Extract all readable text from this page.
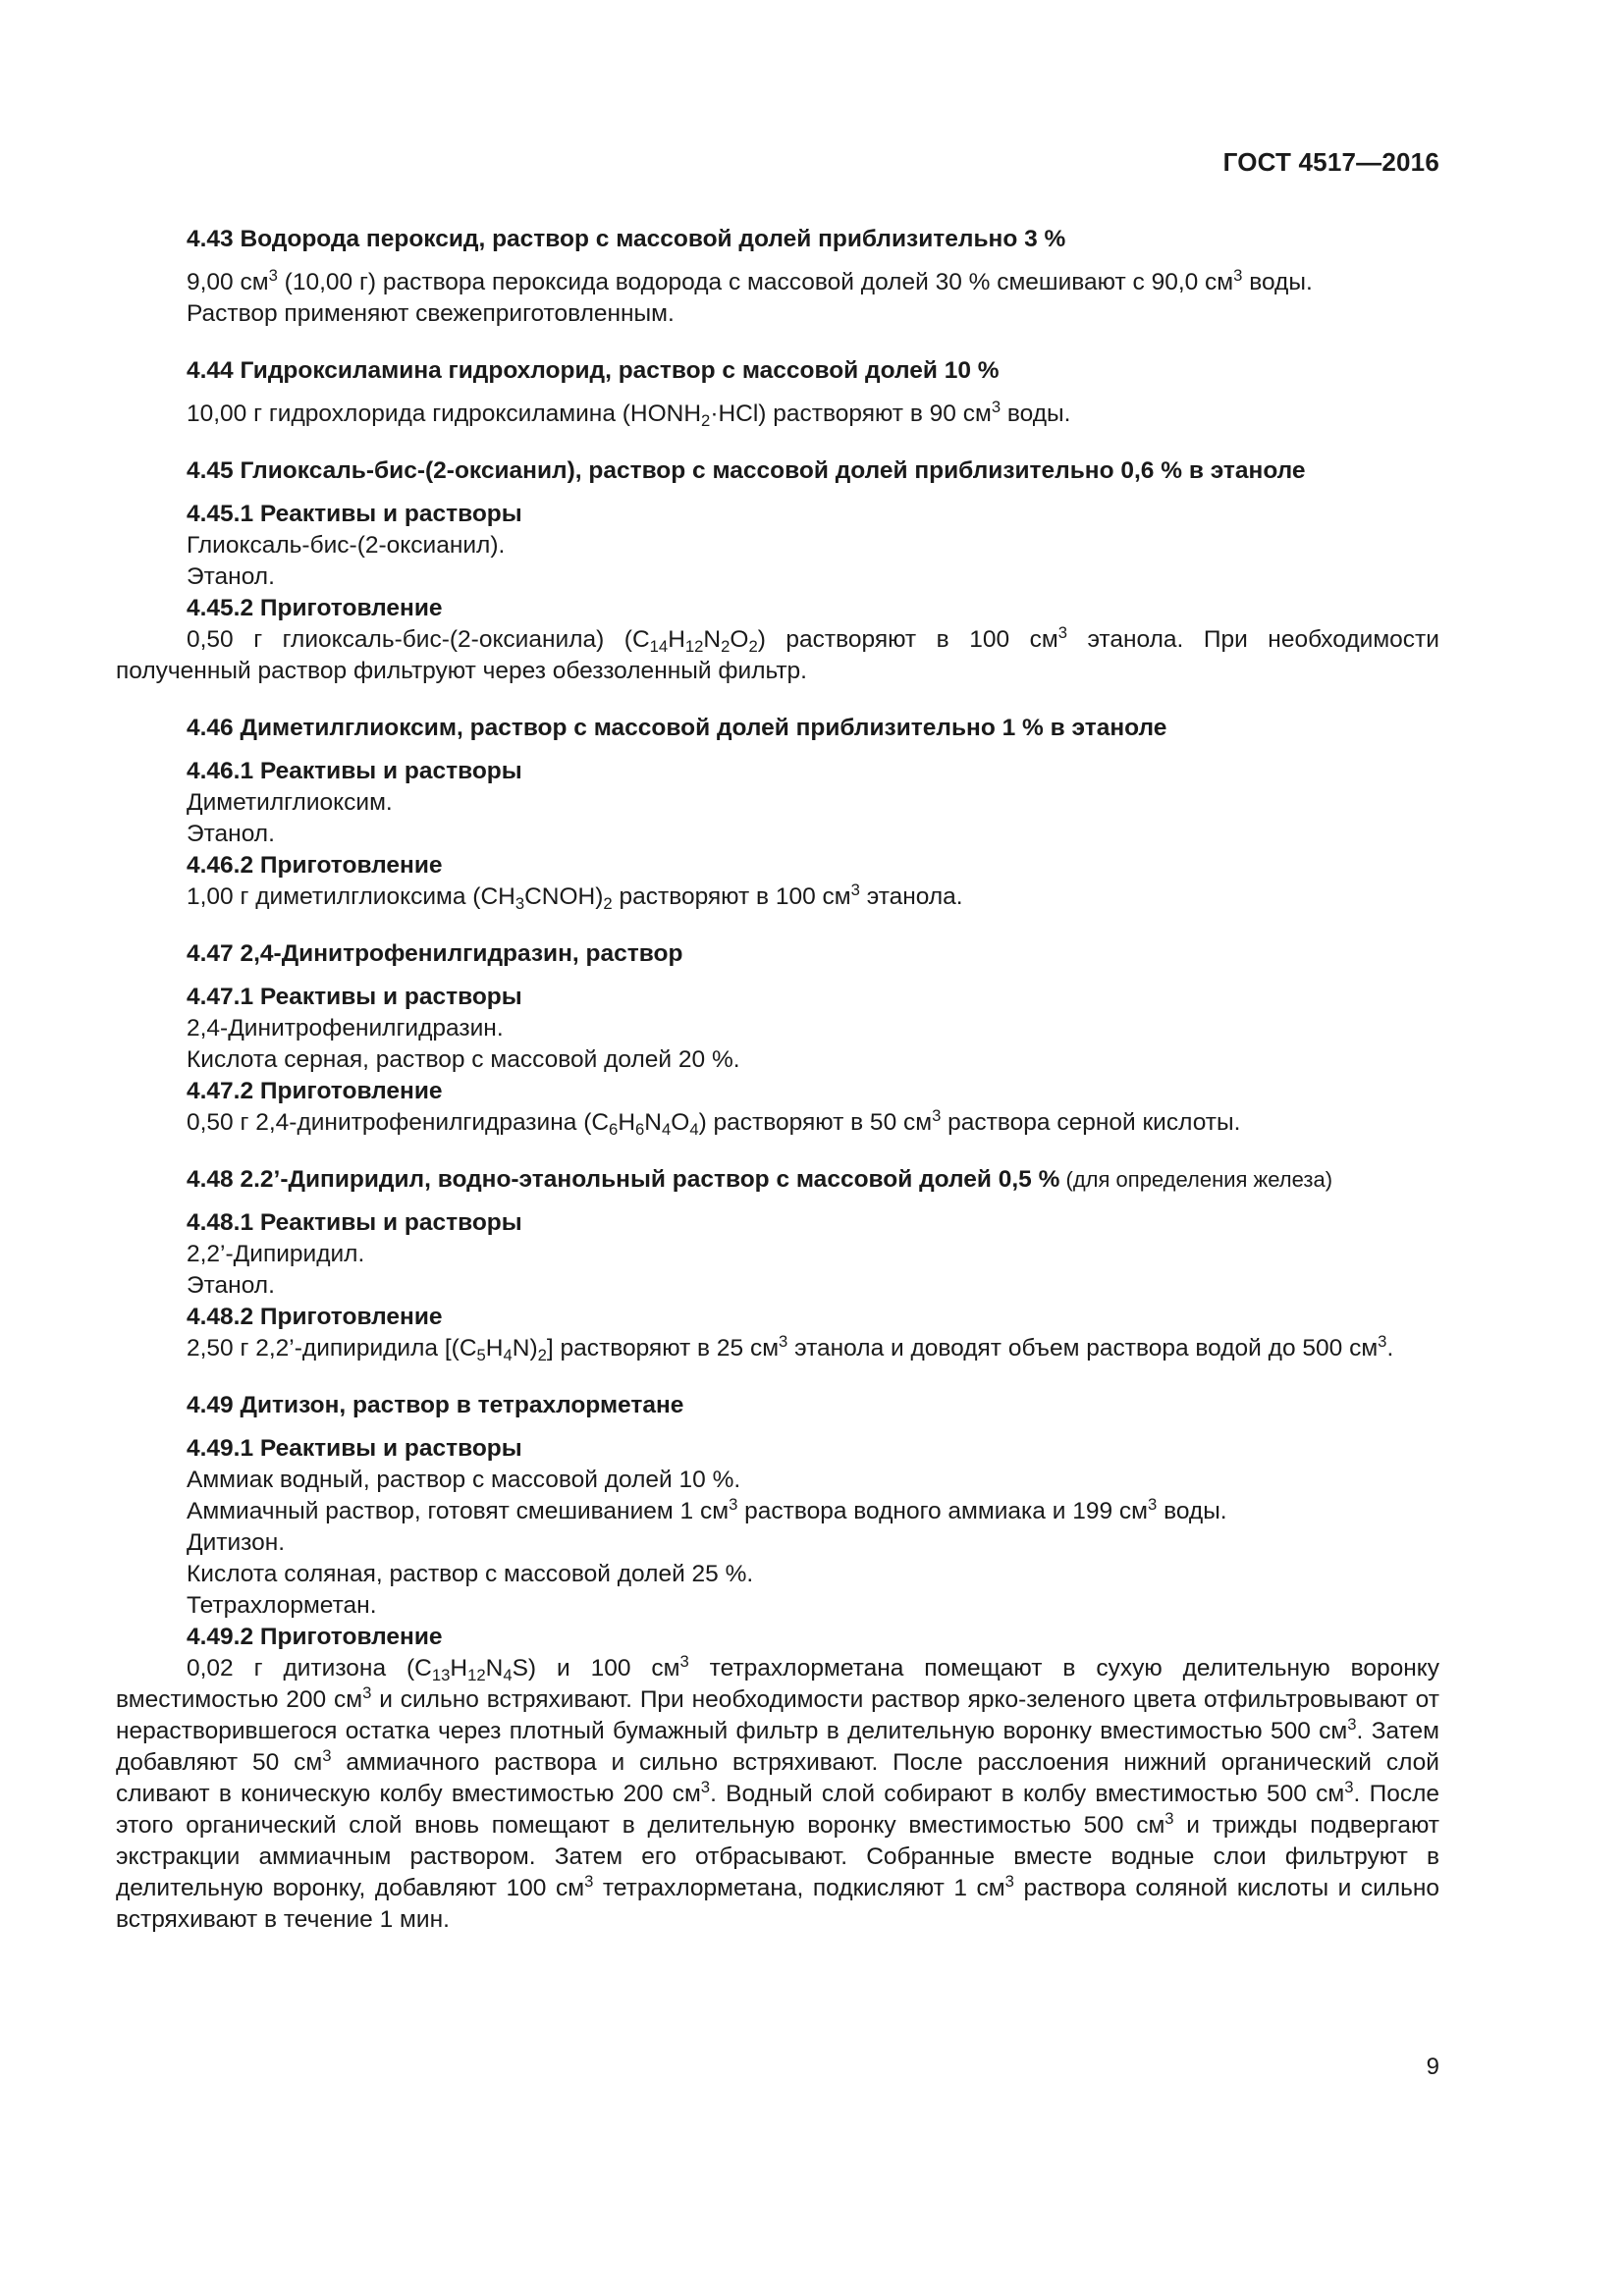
ГОСТ 4517—2016
4.43 Водорода пероксид, раствор с массовой долей приблизительно 3 %

9,00 $см^3$ (10,00 г) раствора пероксида водорода с массовой долей 30 % смешивают с 90,0 $см^3$ воды.

Раствор применяют свежеприготовленным.

4.44 Гидроксиламина гидрохлорид, раствор с массовой долей 10 %

10,00 г гидрохлорида гидроксиламина $(HONH_2\cdot HCl)$ растворяют в 90 $см^3$ воды.

4.45 Глиоксаль-бис-(2-оксианил), раствор с массовой долей приблизительно 0,6 % в этаноле
4.45.1 Реактивы и растворы

Глиоксаль-бис-(2-оксианил).

Этанол.

4.45.2 Приготовление

0,50 г глиоксаль-бис-(2-оксианила) $(C_{14}H_{12}N_2O_2)$ растворяют в 100 $см^3$ этанола. При необходимости полученный раствор фильтруют через обеззоленный фильтр.

4.46 Диметилглиоксим, раствор с массовой долей приблизительно 1 % в этаноле
4.46.1 Реактивы и растворы

Диметилглиоксим.

Этанол.

4.46.2 Приготовление

1,00 г диметилглиоксима $(CH_3CNOH)_2$ растворяют в 100 $см^3$ этанола.

4.47 2,4-Динитрофенилгидразин, раствор
4.47.1 Реактивы и растворы

2,4-Динитрофенилгидразин.

Кислота серная, раствор с массовой долей 20 %.

4.47.2 Приготовление

0,50 г 2,4-динитрофенилгидразина $(C_6H_6N_4O_4)$ растворяют в 50 $см^3$ раствора серной кислоты.

4.48 2.2’-Дипиридил, водно-этанольный раствор с массовой долей 0,5 % (для определения железа)
4.48.1 Реактивы и растворы

2,2’-Дипиридил.

Этанол.

4.48.2 Приготовление

2,50 г 2,2’-дипиридила $[(C_5H_4N)_2]$ растворяют в 25 $см^3$ этанола и доводят объем раствора водой до 500 $см^3$.

4.49 Дитизон, раствор в тетрахлорметане
4.49.1 Реактивы и растворы

Аммиак водный, раствор с массовой долей 10 %.

Аммиачный раствор, готовят смешиванием 1 $см^3$ раствора водного аммиака и 199 $см^3$ воды.

Дитизон.

Кислота соляная, раствор с массовой долей 25 %.

Тетрахлорметан.

4.49.2 Приготовление

0,02 г дитизона $(C_{13}H_{12}N_4S)$ и 100 $см^3$ тетрахлорметана помещают в сухую делительную воронку вместимостью 200 $см^3$ и сильно встряхивают. При необходимости раствор ярко-зеленого цвета отфильтровывают от нерастворившегося остатка через плотный бумажный фильтр в делительную воронку вместимостью 500 $см^3$. Затем добавляют 50 $см^3$ аммиачного раствора и сильно встряхивают. После расслоения нижний органический слой сливают в коническую колбу вместимостью 200 $см^3$. Водный слой собирают в колбу вместимостью 500 $см^3$. После этого органический слой вновь помещают в делительную воронку вместимостью 500 $см^3$ и трижды подвергают экстракции аммиачным раствором. Затем его отбрасывают. Собранные вместе водные слои фильтруют в делительную воронку, добавляют 100 $см^3$ тетрахлорметана, подкисляют 1 $см^3$ раствора соляной кислоты и сильно встряхивают в течение 1 мин.

9
